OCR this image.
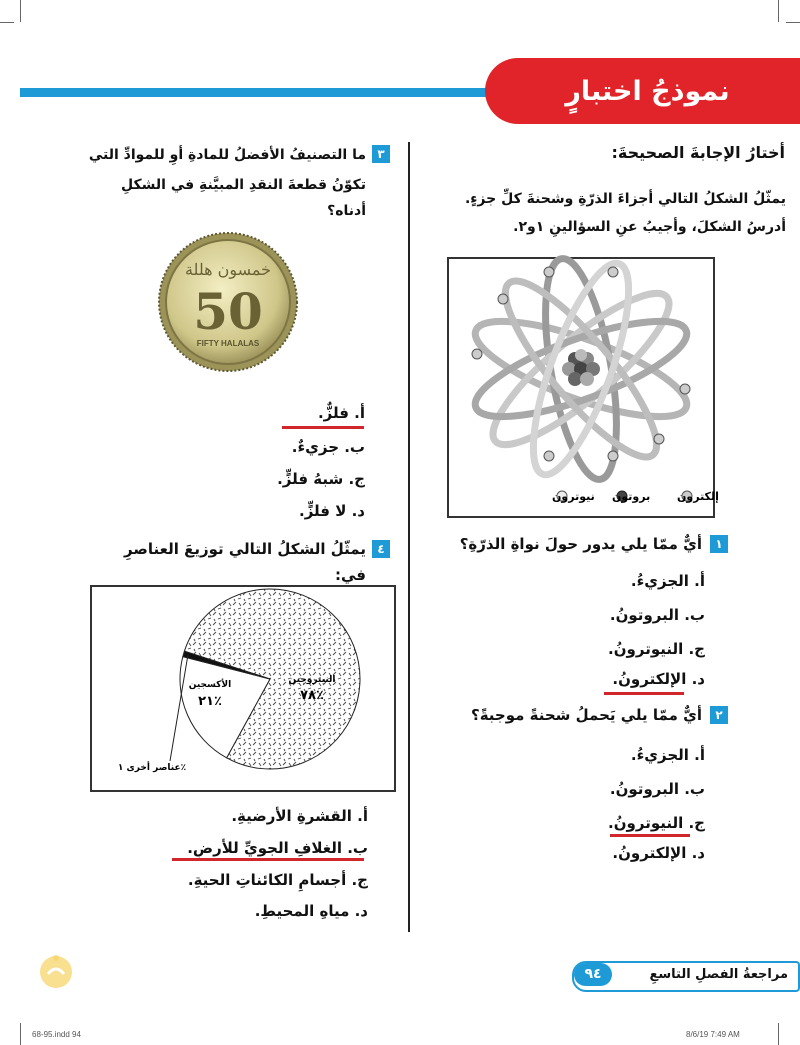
نموذجُ اختبارٍ
أختارُ الإجابةَ الصحيحةَ:
يمثّلُ الشكلُ التالي أجزاءَ الذرّةِ وشحنةَ كلِّ جزءٍ.
أدرسُ الشكلَ، وأجيبُ عنِ السؤالينِ ١و٢.
إلكترون
بروتون
نيوترون
١
أيٌّ ممّا يلي يدور حولَ نواةِ الذرّةِ؟
أ. الجزيءُ.
ب. البروتونُ.
ج. النيوترونُ.
د. الإلكترونُ.
٢
أيٌّ ممّا يلي يَحملُ شحنةً موجبةً؟
أ. الجزيءُ.
ب. البروتونُ.
ج. النيوترونُ.
د. الإلكترونُ.
٣
ما التصنيفُ الأفضلُ للمادةِ أوِ للموادِّ التي
تكوّنُ قطعةَ النقدِ المبيَّنةِ في الشكلِ أدناه؟
خمسون هللة
50
FIFTY HALALAS
أ. فلزٌّ.
ب. جزيءٌ.
ج. شبهُ فلزٍّ.
د. لا فلزٍّ.
٤
يمثّلُ الشكلُ التالي توزيعَ العناصرِ في:
النيتروجين
٧٨٪
الأكسجين
٢١٪
عناصر أخرى ١٪
أ. القشرةِ الأرضيةِ.
ب. الغلافِ الجويِّ للأرضِ.
ج. أجسامِ الكائناتِ الحيةِ.
د. مياهِ المحيطِ.
٩٤	مراجعةُ الفصلِ التاسعِ
68-95.indd 94	8/6/19 7:49 AM
